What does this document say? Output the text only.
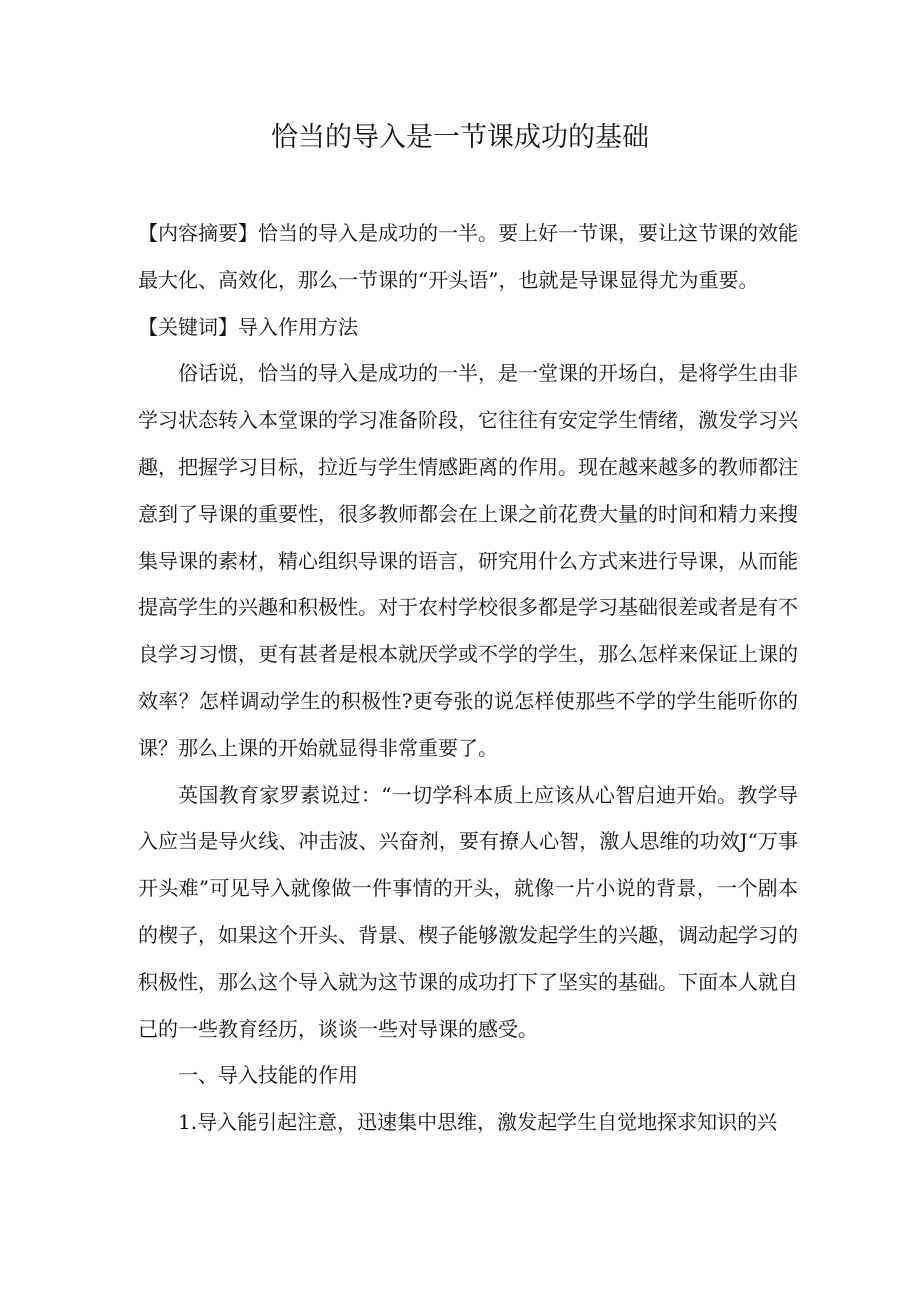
恰当的导入是一节课成功的基础

【内容摘要】恰当的导入是成功的一半。要上好一节课，要让这节课的效能最大化、高效化，那么一节课的“开头语”，也就是导课显得尤为重要。

【关键词】导入作用方法

俗话说，恰当的导入是成功的一半，是一堂课的开场白，是将学生由非学习状态转入本堂课的学习准备阶段，它往往有安定学生情绪，激发学习兴趣，把握学习目标，拉近与学生情感距离的作用。现在越来越多的教师都注意到了导课的重要性，很多教师都会在上课之前花费大量的时间和精力来搜集导课的素材，精心组织导课的语言，研究用什么方式来进行导课，从而能提高学生的兴趣和积极性。对于农村学校很多都是学习基础很差或者是有不良学习习惯，更有甚者是根本就厌学或不学的学生，那么怎样来保证上课的效率？怎样调动学生的积极性?更夸张的说怎样使那些不学的学生能听你的课？那么上课的开始就显得非常重要了。

英国教育家罗素说过：“一切学科本质上应该从心智启迪开始。教学导入应当是导火线、冲击波、兴奋剂，要有撩人心智，激人思维的功效J“万事开头难”可见导入就像做一件事情的开头，就像一片小说的背景，一个剧本的楔子，如果这个开头、背景、楔子能够激发起学生的兴趣，调动起学习的积极性，那么这个导入就为这节课的成功打下了坚实的基础。下面本人就自己的一些教育经历，谈谈一些对导课的感受。

一、导入技能的作用

1.导入能引起注意，迅速集中思维，激发起学生自觉地探求知识的兴
